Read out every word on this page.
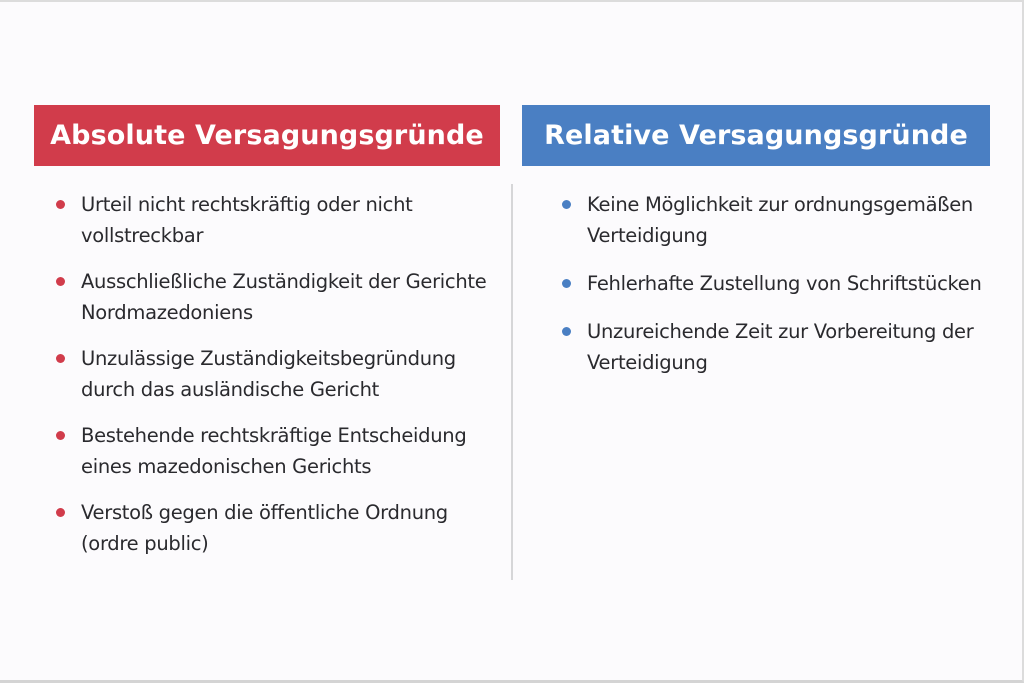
Absolute Versagungsgründe Relative Versagungsgründe
Urteil nicht rechtskräftig oder nicht vollstreckbar
Ausschließliche Zuständigkeit der Gerichte Nordmazedoniens
Unzulässige Zuständigkeitsbegründung durch das ausländische Gericht
Bestehende rechtskräftige Entscheidung eines mazedonischen Gerichts
Verstoß gegen die öffentliche Ordnung (ordre public)
Keine Möglichkeit zur ordnungsgemäßen Verteidigung
Fehlerhafte Zustellung von Schriftstücken
Unzureichende Zeit zur Vorbereitung der Verteidigung
